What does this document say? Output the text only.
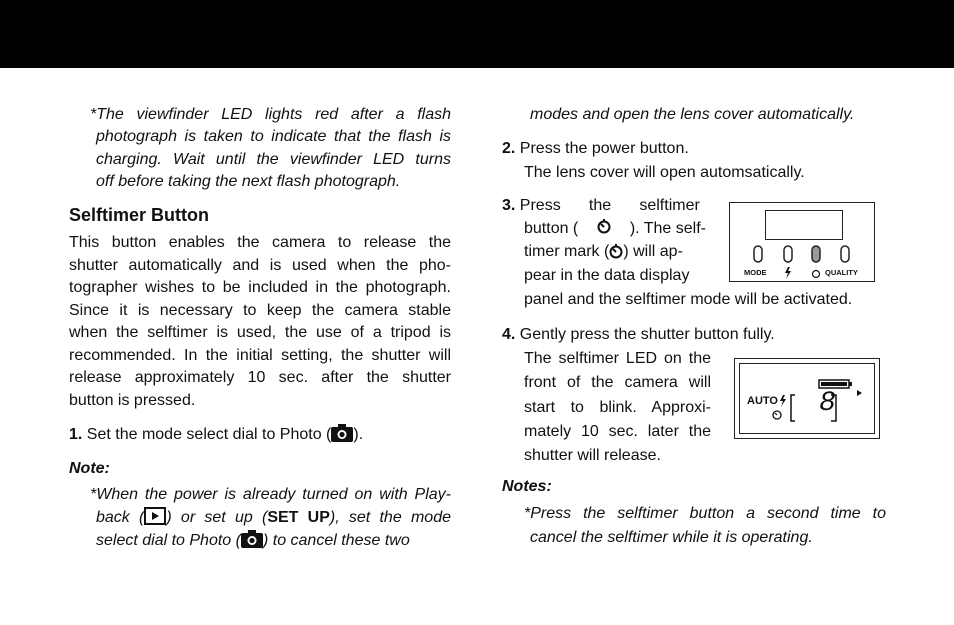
*The viewfinder LED lights red after a flash

photograph is taken to indicate that the flash is

charging. Wait until the viewfinder LED turns

off before taking the next flash photograph.

Selftimer Button

This button enables the camera to release the

shutter automatically and is used when the pho-

tographer wishes to be included in the photograph.

Since it is necessary to keep the camera stable

when the selftimer is used, the use of a tripod is

recommended. In the initial setting, the shutter will

release approximately 10 sec. after the shutter

button is pressed.

1. Set the mode select dial to Photo ( ).

Note:

*When the power is already turned on with Play-

back ( ) or set up (SET UP), set the mode

select dial to Photo ( ) to cancel these two

modes and open the lens cover automatically.

2. Press the power button.

The lens cover will open automsatically.

3. Press the selftimer

button (	). The self-

timer mark ( ) will ap-

pear in the data display

panel and the selftimer mode will be activated.

MODE	QUALITY

4. Gently press the shutter button fully.

The selftimer LED on the

front of the camera will

start to blink. Approxi-

mately 10 sec. later the

shutter will release.

AUTO 8

Notes:

*Press the selftimer button a second time to

cancel the selftimer while it is operating.
